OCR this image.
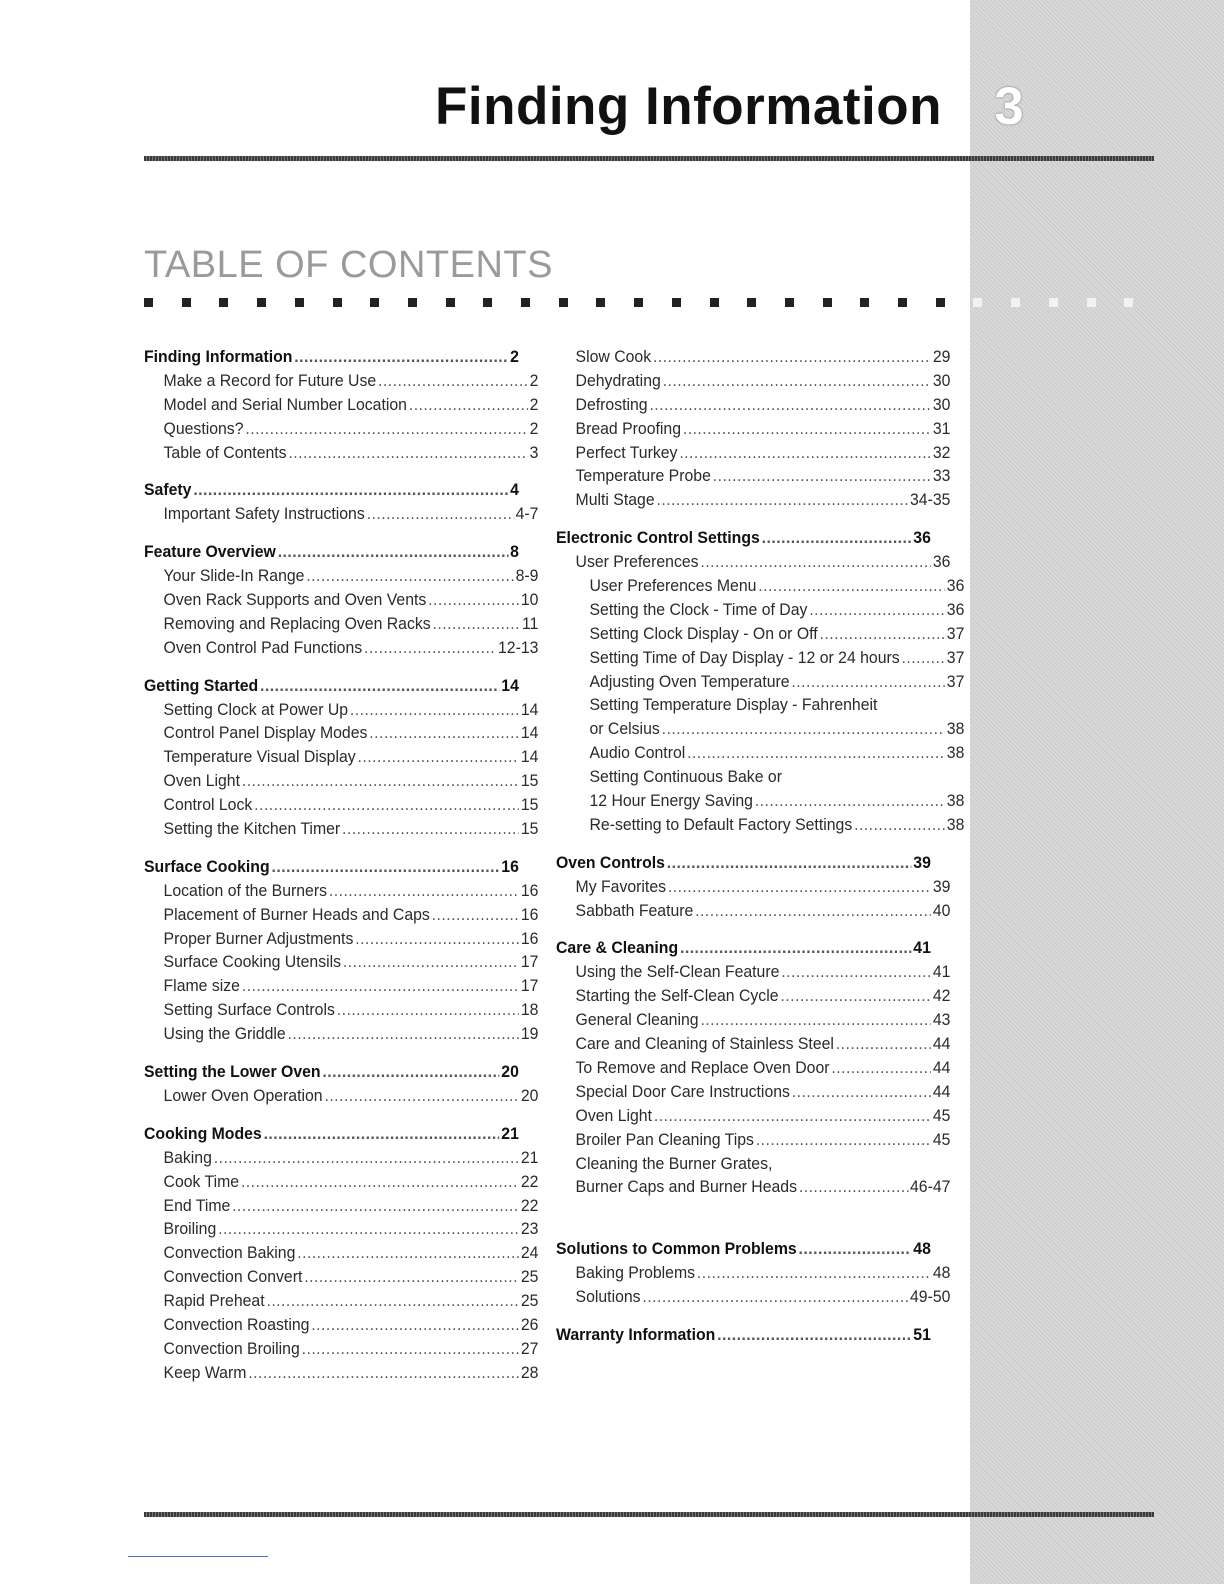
Finding Information 3
TABLE OF CONTENTS
Finding Information .....	2
Make a Record for Future Use .....	2
Model and Serial Number Location .....	2
Questions? .....	2
Table of Contents .....	3
Safety .....	4
Important Safety Instructions .....	4-7
Feature Overview .....	8
Your Slide-In Range .....	8-9
Oven Rack Supports and Oven Vents .....	10
Removing and Replacing Oven Racks .....	11
Oven Control Pad Functions .....	12-13
Getting Started .....	14
Setting Clock at Power Up .....	14
Control Panel Display Modes .....	14
Temperature Visual Display .....	14
Oven Light .....	15
Control Lock .....	15
Setting the Kitchen Timer .....	15
Surface Cooking .....	16
Location of the Burners .....	16
Placement of Burner Heads and Caps .....	16
Proper Burner Adjustments .....	16
Surface Cooking Utensils .....	17
Flame size .....	17
Setting Surface Controls .....	18
Using the Griddle .....	19
Setting the Lower Oven .....	20
Lower Oven Operation .....	20
Cooking Modes .....	21
Baking .....	21
Cook Time .....	22
End Time .....	22
Broiling .....	23
Convection Baking .....	24
Convection Convert .....	25
Rapid Preheat .....	25
Convection Roasting .....	26
Convection Broiling .....	27
Keep Warm .....	28
Slow Cook .....	29
Dehydrating .....	30
Defrosting .....	30
Bread Proofing .....	31
Perfect Turkey .....	32
Temperature Probe .....	33
Multi Stage .....	34-35
Electronic Control Settings .....	36
User Preferences .....	36
User Preferences Menu .....	36
Setting the Clock - Time of Day .....	36
Setting Clock Display - On or Off .....	37
Setting Time of Day Display - 12 or 24 hours .....	37
Adjusting Oven Temperature .....	37
Setting Temperature Display - Fahrenheit
or Celsius .....	38
Audio Control .....	38
Setting Continuous Bake or
12 Hour Energy Saving .....	38
Re-setting to Default Factory Settings .....	38
Oven Controls .....	39
My Favorites .....	39
Sabbath Feature .....	40
Care & Cleaning .....	41
Using the Self-Clean Feature .....	41
Starting the Self-Clean Cycle .....	42
General Cleaning .....	43
Care and Cleaning of Stainless Steel .....	44
To Remove and Replace Oven Door .....	44
Special Door Care Instructions .....	44
Oven Light .....	45
Broiler Pan Cleaning Tips .....	45
Cleaning the Burner Grates,
Burner Caps and Burner Heads .....	46-47
Solutions to Common Problems .....	48
Baking Problems .....	48
Solutions .....	49-50
Warranty Information .....	51
